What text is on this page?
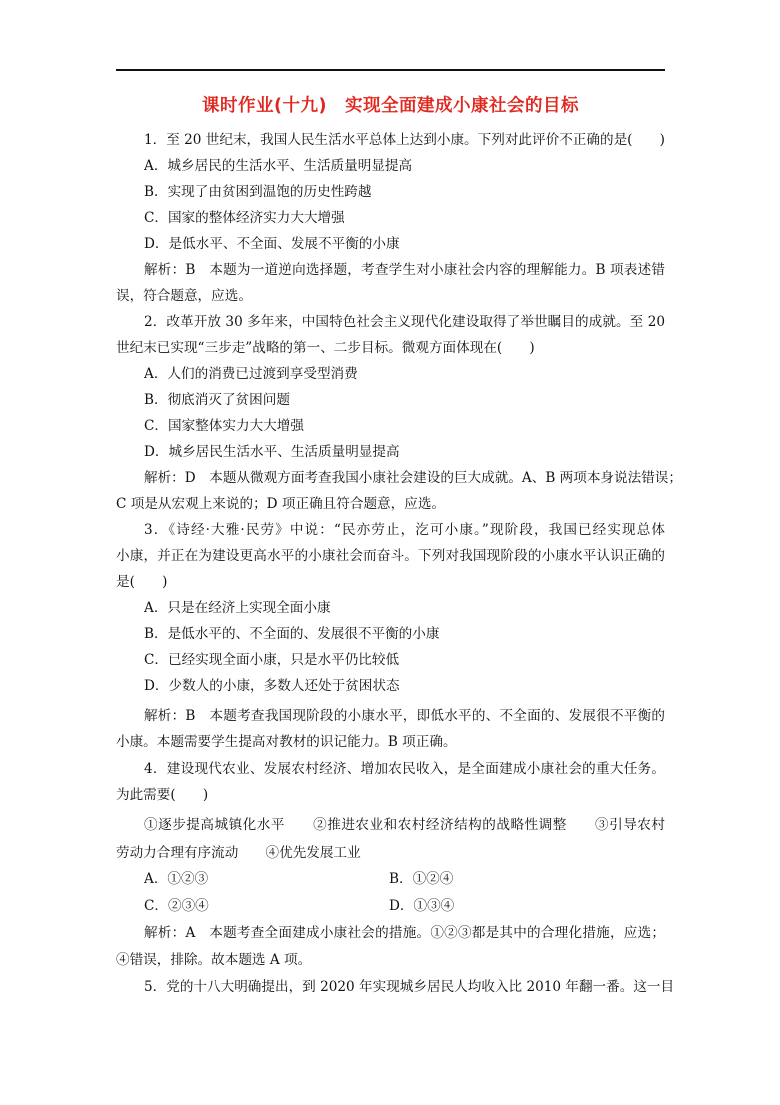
课时作业(十九) 实现全面建成小康社会的目标
1．至 20 世纪末，我国人民生活水平总体上达到小康。下列对此评价不正确的是(　　)
A．城乡居民的生活水平、生活质量明显提高
B．实现了由贫困到温饱的历史性跨越
C．国家的整体经济实力大大增强
D．是低水平、不全面、发展不平衡的小康
解析：B　本题为一道逆向选择题，考查学生对小康社会内容的理解能力。B 项表述错
误，符合题意，应选。
2．改革开放 30 多年来，中国特色社会主义现代化建设取得了举世瞩目的成就。至 20
世纪末已实现“三步走”战略的第一、二步目标。微观方面体现在(　　)
A．人们的消费已过渡到享受型消费
B．彻底消灭了贫困问题
C．国家整体实力大大增强
D．城乡居民生活水平、生活质量明显提高
解析：D　本题从微观方面考查我国小康社会建设的巨大成就。A、B 两项本身说法错误；
C 项是从宏观上来说的；D 项正确且符合题意，应选。
3．《诗经·大雅·民劳》中说：“民亦劳止，汔可小康。”现阶段，我国已经实现总体
小康，并正在为建设更高水平的小康社会而奋斗。下列对我国现阶段的小康水平认识正确的
是(　　)
A．只是在经济上实现全面小康
B．是低水平的、不全面的、发展很不平衡的小康
C．已经实现全面小康，只是水平仍比较低
D．少数人的小康，多数人还处于贫困状态
解析：B　本题考查我国现阶段的小康水平，即低水平的、不全面的、发展很不平衡的
小康。本题需要学生提高对教材的识记能力。B 项正确。
4．建设现代农业、发展农村经济、增加农民收入，是全面建成小康社会的重大任务。
为此需要(　　)
①逐步提高城镇化水平　　②推进农业和农村经济结构的战略性调整　　③引导农村
劳动力合理有序流动　　④优先发展工业
A．①②③	B．①②④
C．②③④	D．①③④
解析：A　本题考查全面建成小康社会的措施。①②③都是其中的合理化措施，应选；
④错误，排除。故本题选 A 项。
5．党的十八大明确提出，到 2020 年实现城乡居民人均收入比 2010 年翻一番。这一目
